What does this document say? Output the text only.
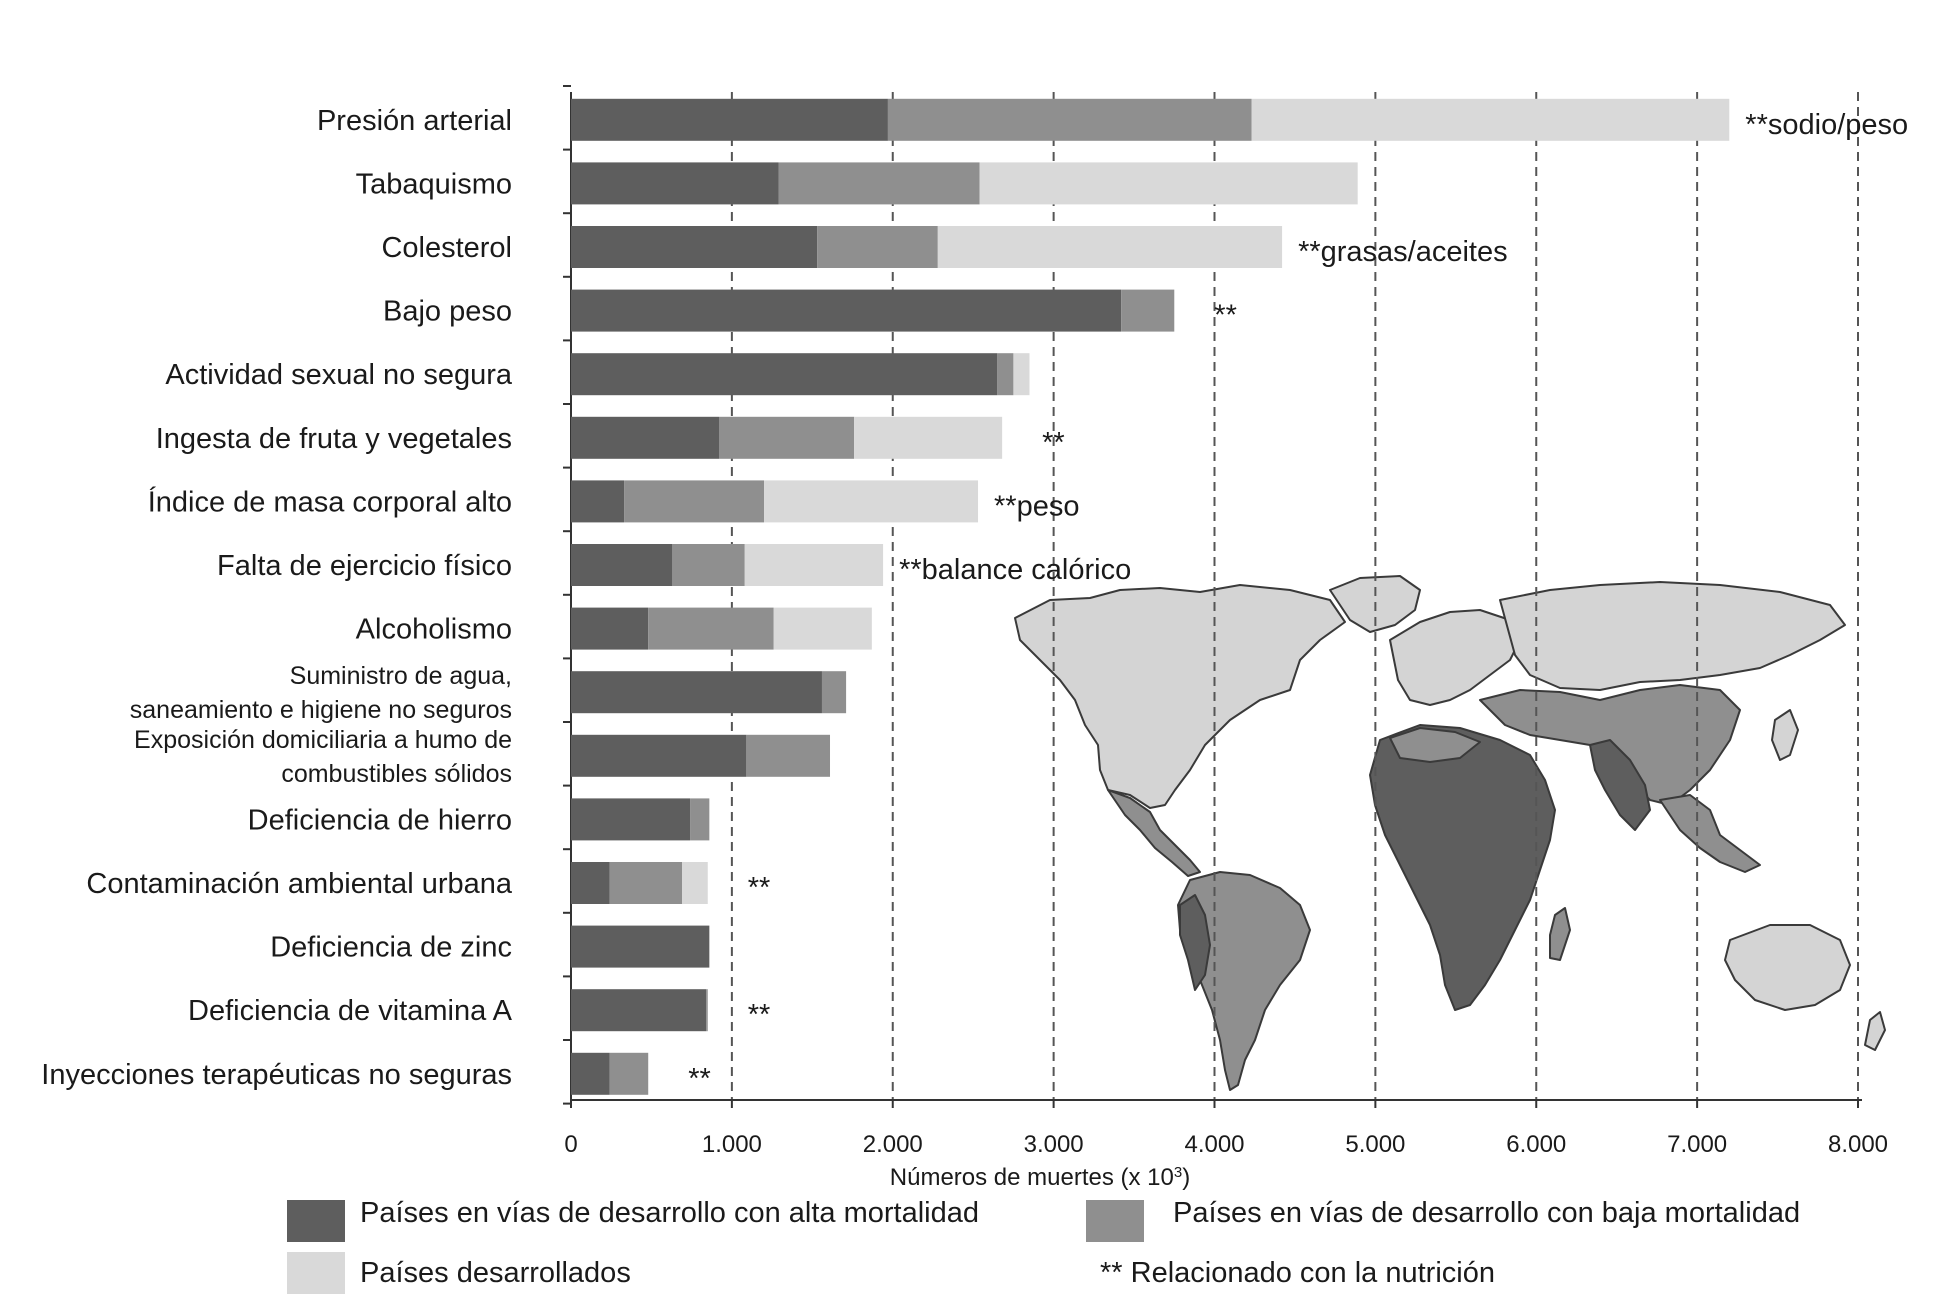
Presión arterial
Tabaquismo
Colesterol
Bajo peso
Actividad sexual no segura
Ingesta de fruta y vegetales
Índice de masa corporal alto
Falta de ejercicio físico
Alcoholismo
Suministro de agua,
saneamiento e higiene no seguros
Exposición domiciliaria a humo de
combustibles sólidos
Deficiencia de hierro
Contaminación ambiental urbana
Deficiencia de zinc
Deficiencia de vitamina A
Inyecciones terapéuticas no seguras
**sodio/peso
**grasas/aceites
**
**
**peso
**balance calórico
**
**
**
0	1.000	2.000	3.000	4.000	5.000	6.000	7.000	8.000
Números de muertes (x $10^3$)
Países en vías de desarrollo con alta mortalidad	Países en vías de desarrollo con baja mortalidad
Países desarrollados	** Relacionado con la nutrición
